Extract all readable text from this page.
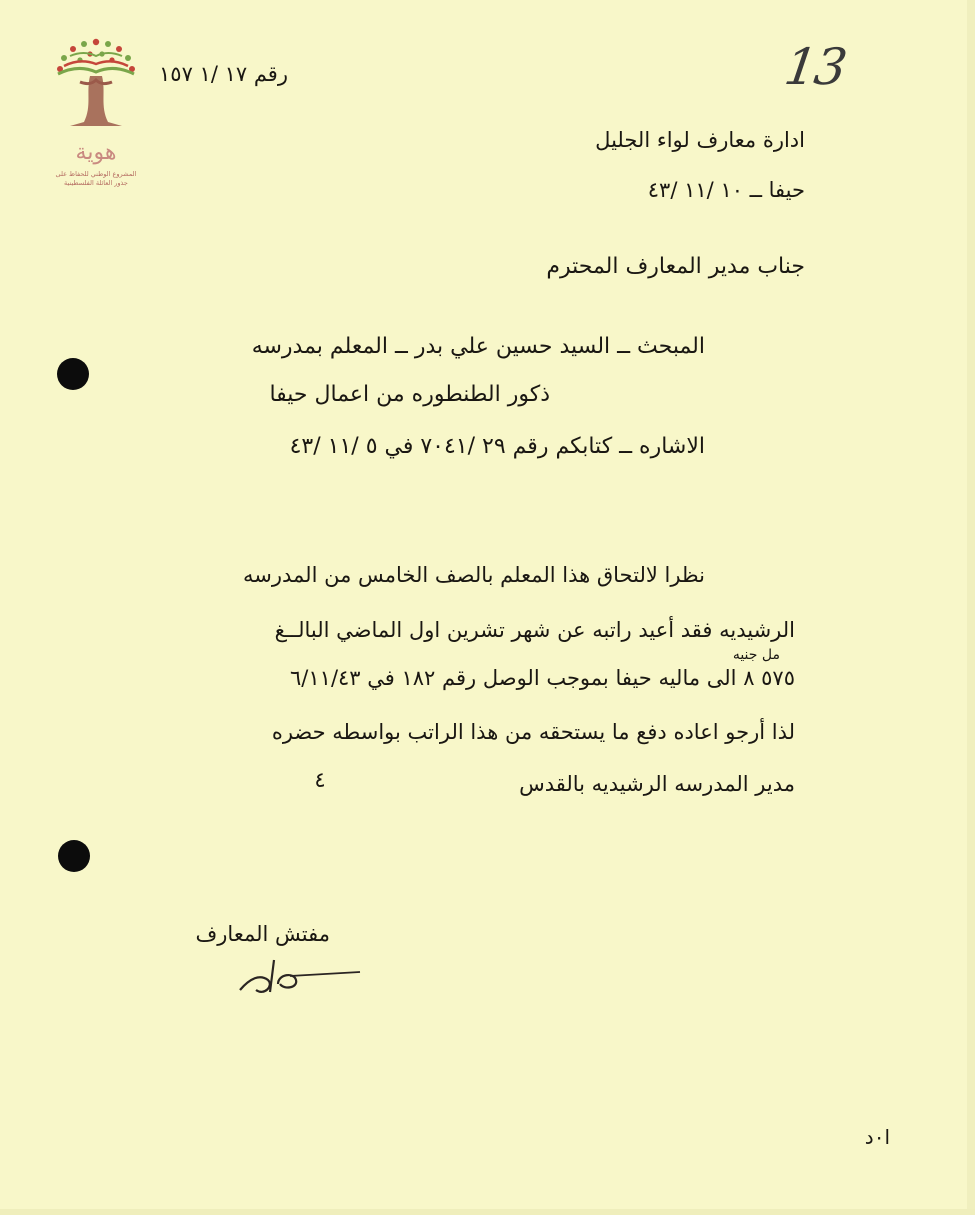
هوية
المشروع الوطني للحفاظ على
جذور العائلة الفلسطينية
رقم ١٧ /١ ١٥٧	13
ادارة معارف لواء الجليل
حيفا ــ ١٠ /١١ /٤٣
جناب مدير المعارف المحترم
المبحث ــ السيد حسين علي بدر ــ المعلم بمدرسه
ذكور الطنطوره من اعمال حيفا
الاشاره ــ كتابكم رقم ٢٩ /٧٠٤١ في ٥ /١١ /٤٣
نظرا لالتحاق هذا المعلم بالصف الخامس من المدرسه
الرشيديه فقد أعيد راتبه عن شهر تشرين اول الماضي البالــغ
مل جنيه
٥٧٥ ٨ الى ماليه حيفا بموجب الوصل رقم ١٨٢ في ٦/١١/٤٣
لذا أرجو اعاده دفع ما يستحقه من هذا الراتب بواسطه حضره
مدير المدرسه الرشيديه بالقدس
٤
مفتش المعارف
ا٠د
